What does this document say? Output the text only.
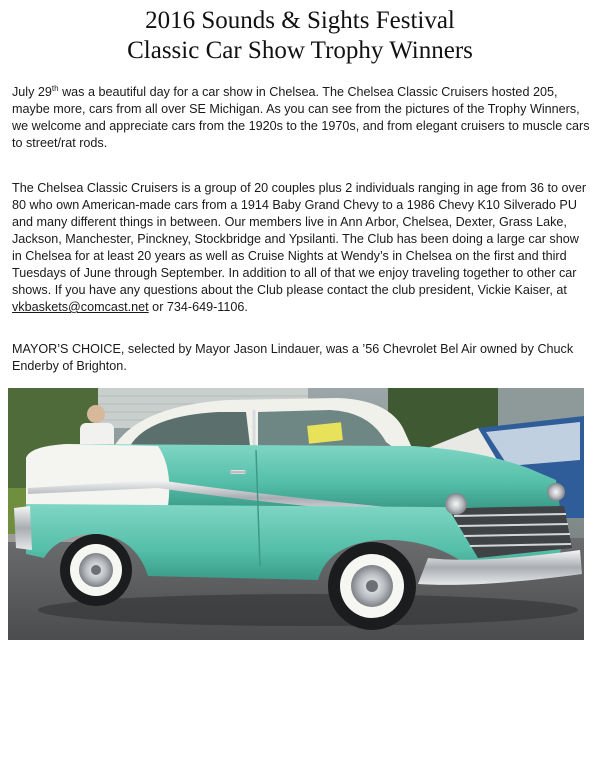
2016 Sounds & Sights Festival
Classic Car Show Trophy Winners
July 29th was a beautiful day for a car show in Chelsea. The Chelsea Classic Cruisers hosted 205, maybe more, cars from all over SE Michigan. As you can see from the pictures of the Trophy Winners, we welcome and appreciate cars from the 1920s to the 1970s, and from elegant cruisers to muscle cars to street/rat rods.
The Chelsea Classic Cruisers is a group of 20 couples plus 2 individuals ranging in age from 36 to over 80 who own American-made cars from a 1914 Baby Grand Chevy to a 1986 Chevy K10 Silverado PU and many different things in between. Our members live in Ann Arbor, Chelsea, Dexter, Grass Lake, Jackson, Manchester, Pinckney, Stockbridge and Ypsilanti. The Club has been doing a large car show in Chelsea for at least 20 years as well as Cruise Nights at Wendy’s in Chelsea on the first and third Tuesdays of June through September. In addition to all of that we enjoy traveling together to other car shows. If you have any questions about the Club please contact the club president, Vickie Kaiser, at vkbaskets@comcast.net or 734-649-1106.
MAYOR’S CHOICE, selected by Mayor Jason Lindauer, was a ’56 Chevrolet Bel Air owned by Chuck Enderby of Brighton.
